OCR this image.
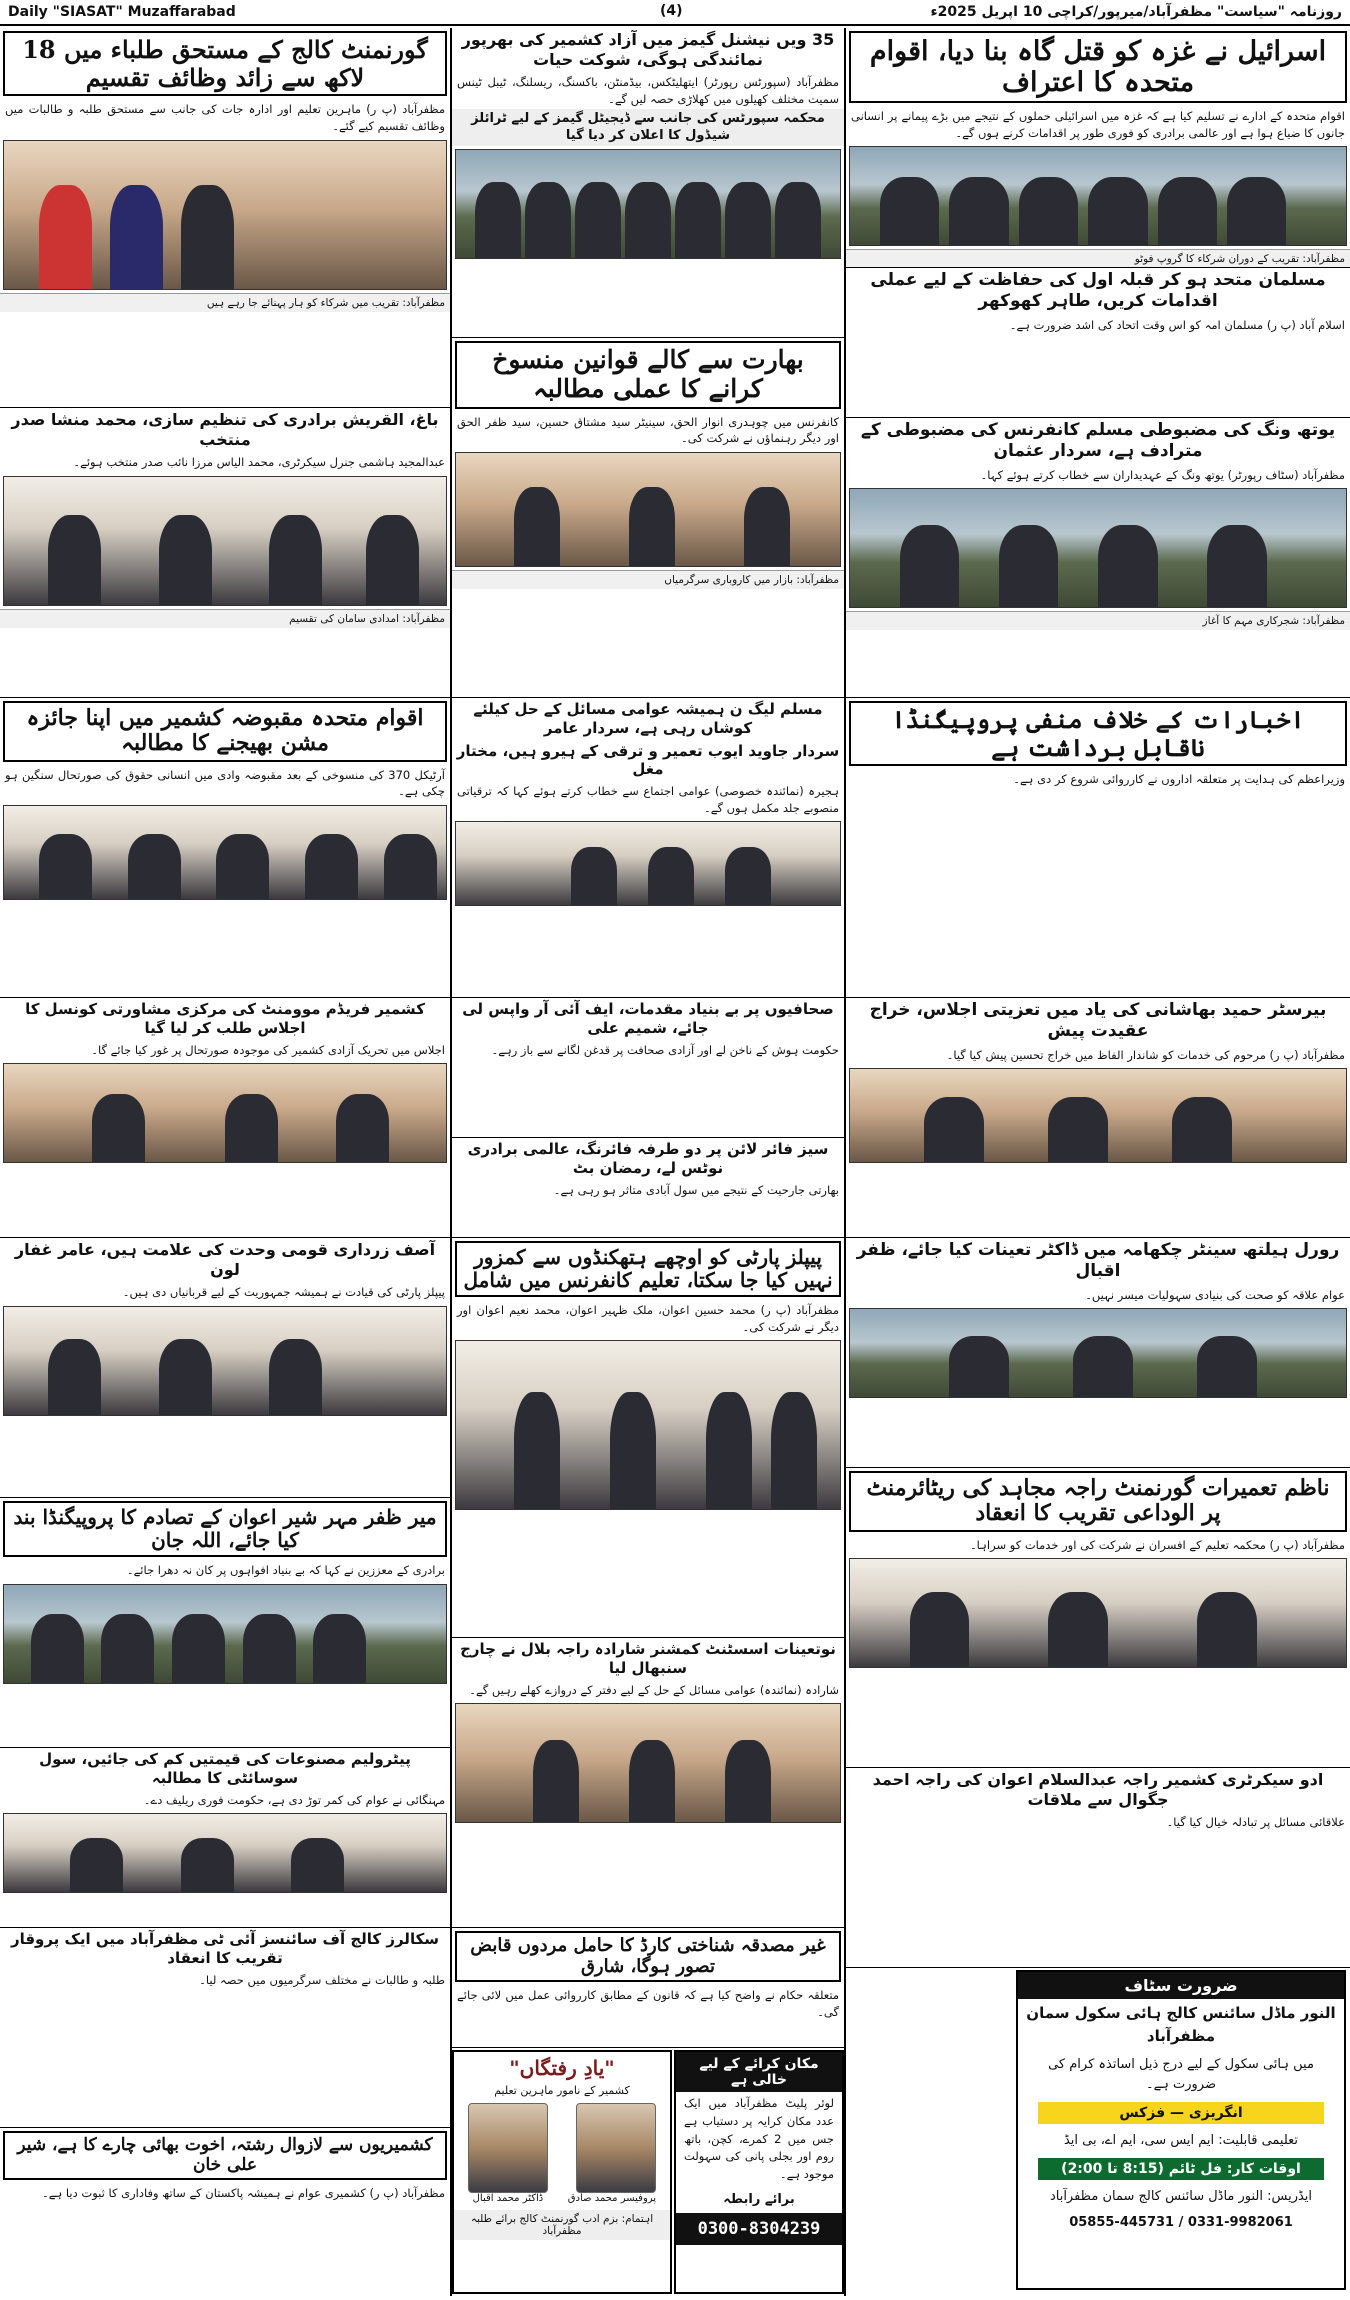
Daily "SIASAT" Muzaffarabad	(4)	روزنامہ "سیاست" مظفرآباد/میرپور/کراچی 10 اپریل 2025ء
اسرائیل نے غزہ کو قتل گاہ بنا دیا، اقوام متحدہ کا اعتراف
اقوام متحدہ کے ادارے نے تسلیم کیا ہے کہ غزہ میں اسرائیلی حملوں کے نتیجے میں بڑے پیمانے پر انسانی جانوں کا ضیاع ہوا ہے اور عالمی برادری کو فوری طور پر اقدامات کرنے ہوں گے۔
مظفرآباد: تقریب کے دوران شرکاء کا گروپ فوٹو
مسلمان متحد ہو کر قبلہ اول کی حفاظت کے لیے عملی اقدامات کریں، طاہر کھوکھر
اسلام آباد (پ ر) مسلمان امہ کو اس وقت اتحاد کی اشد ضرورت ہے۔
یوتھ ونگ کی مضبوطی مسلم کانفرنس کی مضبوطی کے مترادف ہے، سردار عثمان
مظفرآباد (سٹاف رپورٹر) یوتھ ونگ کے عہدیداران سے خطاب کرتے ہوئے کہا۔
مظفرآباد: شجرکاری مہم کا آغاز
اخبارات کے خلاف منفی پروپیگنڈا ناقابل برداشت ہے
وزیراعظم کی ہدایت پر متعلقہ اداروں نے کارروائی شروع کر دی ہے۔
بیرسٹر حمید بھاشانی کی یاد میں تعزیتی اجلاس، خراج عقیدت پیش
مظفرآباد (پ ر) مرحوم کی خدمات کو شاندار الفاظ میں خراج تحسین پیش کیا گیا۔
رورل ہیلتھ سینٹر چکھامہ میں ڈاکٹر تعینات کیا جائے، ظفر اقبال
عوام علاقہ کو صحت کی بنیادی سہولیات میسر نہیں۔
ناظم تعمیرات گورنمنٹ راجہ مجاہد کی ریٹائرمنٹ پر الوداعی تقریب کا انعقاد
مظفرآباد (پ ر) محکمہ تعلیم کے افسران نے شرکت کی اور خدمات کو سراہا۔
ادو سیکرٹری کشمیر راجہ عبدالسلام اعوان کی راجہ احمد جگوال سے ملاقات
علاقائی مسائل پر تبادلہ خیال کیا گیا۔
ضرورت سٹاف
النور ماڈل سائنس کالج ہائی سکول سمان مظفرآباد
میں ہائی سکول کے لیے درج ذیل اساتذہ کرام کی ضرورت ہے۔
انگریزی — فزکس
تعلیمی قابلیت: ایم ایس سی، ایم اے، بی ایڈ
اوقات کار: فل ٹائم (8:15 تا 2:00)
ایڈریس: النور ماڈل سائنس کالج سمان مظفرآباد
05855-445731 / 0331-9982061
35 ویں نیشنل گیمز میں آزاد کشمیر کی بھرپور نمائندگی ہوگی، شوکت حیات
مظفرآباد (سپورٹس رپورٹر) ایتھلیٹکس، بیڈمنٹن، باکسنگ، ریسلنگ، ٹیبل ٹینس سمیت مختلف کھیلوں میں کھلاڑی حصہ لیں گے۔
محکمہ سپورٹس کی جانب سے ڈیجیٹل گیمز کے لیے ٹرائلز شیڈول کا اعلان کر دیا گیا
بھارت سے کالے قوانین منسوخ کرانے کا عملی مطالبہ
کانفرنس میں چوہدری انوار الحق، سینیٹر سید مشتاق حسین، سید ظفر الحق اور دیگر رہنماؤں نے شرکت کی۔
مظفرآباد: بازار میں کاروباری سرگرمیاں
مسلم لیگ ن ہمیشہ عوامی مسائل کے حل کیلئے کوشاں رہی ہے، سردار عامر
سردار جاوید ایوب تعمیر و ترقی کے ہیرو ہیں، مختار مغل
ہجیرہ (نمائندہ خصوصی) عوامی اجتماع سے خطاب کرتے ہوئے کہا کہ ترقیاتی منصوبے جلد مکمل ہوں گے۔
صحافیوں پر بے بنیاد مقدمات، ایف آئی آر واپس لی جائے، شمیم علی
حکومت ہوش کے ناخن لے اور آزادی صحافت پر قدغن لگانے سے باز رہے۔
سیز فائر لائن پر دو طرفہ فائرنگ، عالمی برادری نوٹس لے، رمضان بٹ
بھارتی جارحیت کے نتیجے میں سول آبادی متاثر ہو رہی ہے۔
پیپلز پارٹی کو اوچھے ہتھکنڈوں سے کمزور نہیں کیا جا سکتا، تعلیم کانفرنس میں شامل
مظفرآباد (پ ر) محمد حسین اعوان، ملک ظہیر اعوان، محمد نعیم اعوان اور دیگر نے شرکت کی۔
نوتعینات اسسٹنٹ کمشنر شارادہ راجہ بلال نے چارج سنبھال لیا
شارادہ (نمائندہ) عوامی مسائل کے حل کے لیے دفتر کے دروازے کھلے رہیں گے۔
غیر مصدقہ شناختی کارڈ کا حامل مردوں قابض تصور ہوگا، شارق
متعلقہ حکام نے واضح کیا ہے کہ قانون کے مطابق کارروائی عمل میں لائی جائے گی۔
"یادِ رفتگاں"
کشمیر کے نامور ماہرین تعلیم
پروفیسر محمد صادق
ڈاکٹر محمد اقبال
اہتمام: بزم ادب گورنمنٹ کالج برائے طلبہ مظفرآباد
مکان کرائے کے لیے خالی ہے
لوئر پلیٹ مظفرآباد میں ایک عدد مکان کرایہ پر دستیاب ہے جس میں 2 کمرے، کچن، باتھ روم اور بجلی پانی کی سہولت موجود ہے۔
برائے رابطہ
0300-8304239
گورنمنٹ کالج کے مستحق طلباء میں 18 لاکھ سے زائد وظائف تقسیم
مظفرآباد (پ ر) ماہرین تعلیم اور ادارہ جات کی جانب سے مستحق طلبہ و طالبات میں وظائف تقسیم کیے گئے۔
مظفرآباد: تقریب میں شرکاء کو ہار پہنائے جا رہے ہیں
باغ، القریش برادری کی تنظیم سازی، محمد منشا صدر منتخب
عبدالمجید ہاشمی جنرل سیکرٹری، محمد الیاس مرزا نائب صدر منتخب ہوئے۔
مظفرآباد: امدادی سامان کی تقسیم
اقوام متحدہ مقبوضہ کشمیر میں اپنا جائزہ مشن بھیجنے کا مطالبہ
آرٹیکل 370 کی منسوخی کے بعد مقبوضہ وادی میں انسانی حقوق کی صورتحال سنگین ہو چکی ہے۔
کشمیر فریڈم موومنٹ کی مرکزی مشاورتی کونسل کا اجلاس طلب کر لیا گیا
اجلاس میں تحریک آزادی کشمیر کی موجودہ صورتحال پر غور کیا جائے گا۔
آصف زرداری قومی وحدت کی علامت ہیں، عامر غفار لون
پیپلز پارٹی کی قیادت نے ہمیشہ جمہوریت کے لیے قربانیاں دی ہیں۔
میر ظفر مہر شیر اعوان کے تصادم کا پروپیگنڈا بند کیا جائے، اللہ جان
برادری کے معززین نے کہا کہ بے بنیاد افواہوں پر کان نہ دھرا جائے۔
پیٹرولیم مصنوعات کی قیمتیں کم کی جائیں، سول سوسائٹی کا مطالبہ
مہنگائی نے عوام کی کمر توڑ دی ہے، حکومت فوری ریلیف دے۔
سکالرز کالج آف سائنسز آئی ٹی مظفرآباد میں ایک پروقار تقریب کا انعقاد
طلبہ و طالبات نے مختلف سرگرمیوں میں حصہ لیا۔
کشمیریوں سے لازوال رشتہ، اخوت بھائی چارے کا ہے، شیر علی خان
مظفرآباد (پ ر) کشمیری عوام نے ہمیشہ پاکستان کے ساتھ وفاداری کا ثبوت دیا ہے۔
